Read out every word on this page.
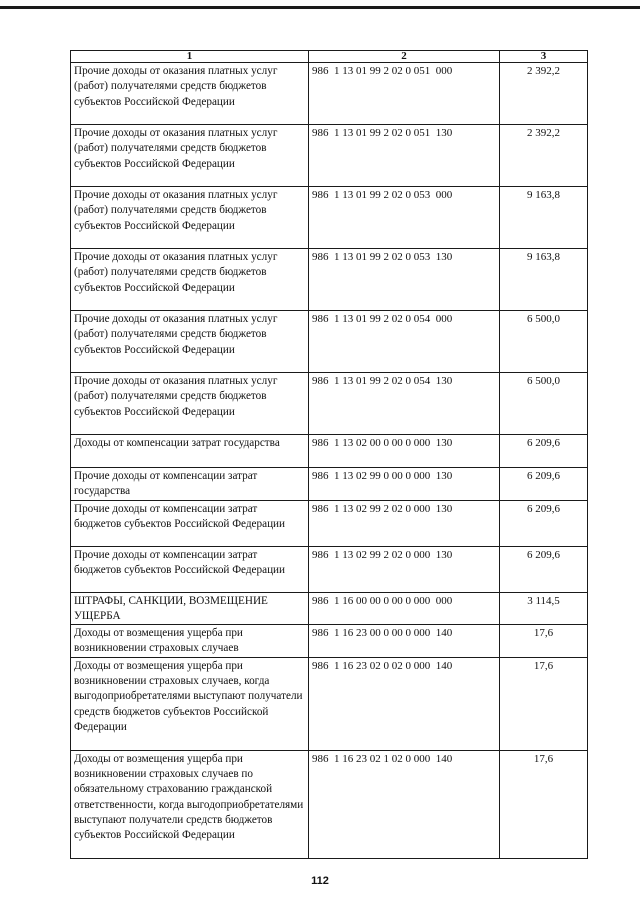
1	2	3
Прочие доходы от оказания платных услуг (работ) получателями средств бюджетов субъектов Российской Федерации	986  1 13 01 99 2 02 0 051  000	2 392,2
Прочие доходы от оказания платных услуг (работ) получателями средств бюджетов субъектов Российской Федерации	986  1 13 01 99 2 02 0 051  130	2 392,2
Прочие доходы от оказания платных услуг (работ) получателями средств бюджетов субъектов Российской Федерации	986  1 13 01 99 2 02 0 053  000	9 163,8
Прочие доходы от оказания платных услуг (работ) получателями средств бюджетов субъектов Российской Федерации	986  1 13 01 99 2 02 0 053  130	9 163,8
Прочие доходы от оказания платных услуг (работ) получателями средств бюджетов субъектов Российской Федерации	986  1 13 01 99 2 02 0 054  000	6 500,0
Прочие доходы от оказания платных услуг (работ) получателями средств бюджетов субъектов Российской Федерации	986  1 13 01 99 2 02 0 054  130	6 500,0
Доходы от компенсации затрат государства	986  1 13 02 00 0 00 0 000  130	6 209,6
Прочие доходы от компенсации затрат государства	986  1 13 02 99 0 00 0 000  130	6 209,6
Прочие доходы от компенсации затрат бюджетов субъектов Российской Федерации	986  1 13 02 99 2 02 0 000  130	6 209,6
Прочие доходы от компенсации затрат бюджетов субъектов Российской Федерации	986  1 13 02 99 2 02 0 000  130	6 209,6
ШТРАФЫ, САНКЦИИ, ВОЗМЕЩЕНИЕ УЩЕРБА	986  1 16 00 00 0 00 0 000  000	3 114,5
Доходы от возмещения ущерба при возникновении страховых случаев	986  1 16 23 00 0 00 0 000  140	17,6
Доходы от возмещения ущерба при возникновении страховых случаев, когда выгодоприобретателями выступают получатели средств бюджетов субъектов Российской Федерации	986  1 16 23 02 0 02 0 000  140	17,6
Доходы от возмещения ущерба при возникновении страховых случаев по обязательному страхованию гражданской ответственности, когда выгодоприобретателями выступают получатели средств бюджетов субъектов Российской Федерации	986  1 16 23 02 1 02 0 000  140	17,6
112
